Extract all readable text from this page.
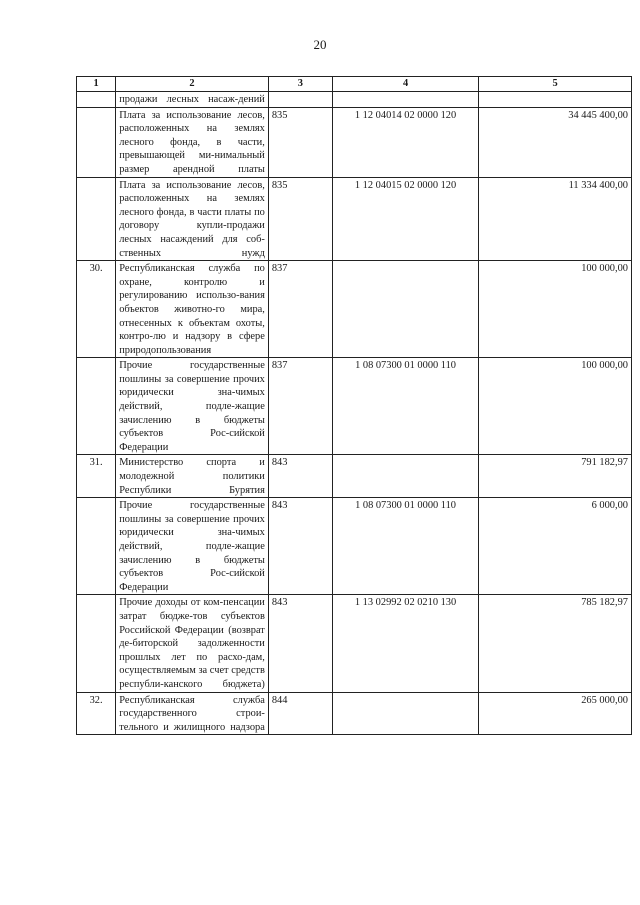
20
1	2	3	4	5
	продажи лесных насаж-дений			
	Плата за использование лесов, расположенных на землях лесного фонда, в части, превышающей ми-нимальный размер арендной платы	835	1 12 04014 02 0000 120	34 445 400,00
	Плата за использование лесов, расположенных на землях лесного фонда, в части платы по договору купли-продажи лесных насаждений для соб-ственных нужд	835	1 12 04015 02 0000 120	11 334 400,00
30.	Республиканская служба по охране, контролю и регулированию использо-вания объектов животно-го мира, отнесенных к объектам охоты, контро-лю и надзору в сфере природопользования	837		100 000,00
	Прочие государственные пошлины за совершение прочих юридически зна-чимых действий, подле-жащие зачислению в бюджеты субъектов Рос-сийской Федерации	837	1 08 07300 01 0000 110	100 000,00
31.	Министерство спорта и молодежной политики Республики Бурятия	843		791 182,97
	Прочие государственные пошлины за совершение прочих юридически зна-чимых действий, подле-жащие зачислению в бюджеты субъектов Рос-сийской Федерации	843	1 08 07300 01 0000 110	6 000,00
	Прочие доходы от ком-пенсации затрат бюдже-тов субъектов Российской Федерации (возврат де-биторской задолженности прошлых лет по расхо-дам, осуществляемым за счет средств республи-канского бюджета)	843	1 13 02992 02 0210 130	785 182,97
32.	Республиканская служба государственного строи-тельного и жилищного надзора	844		265 000,00
